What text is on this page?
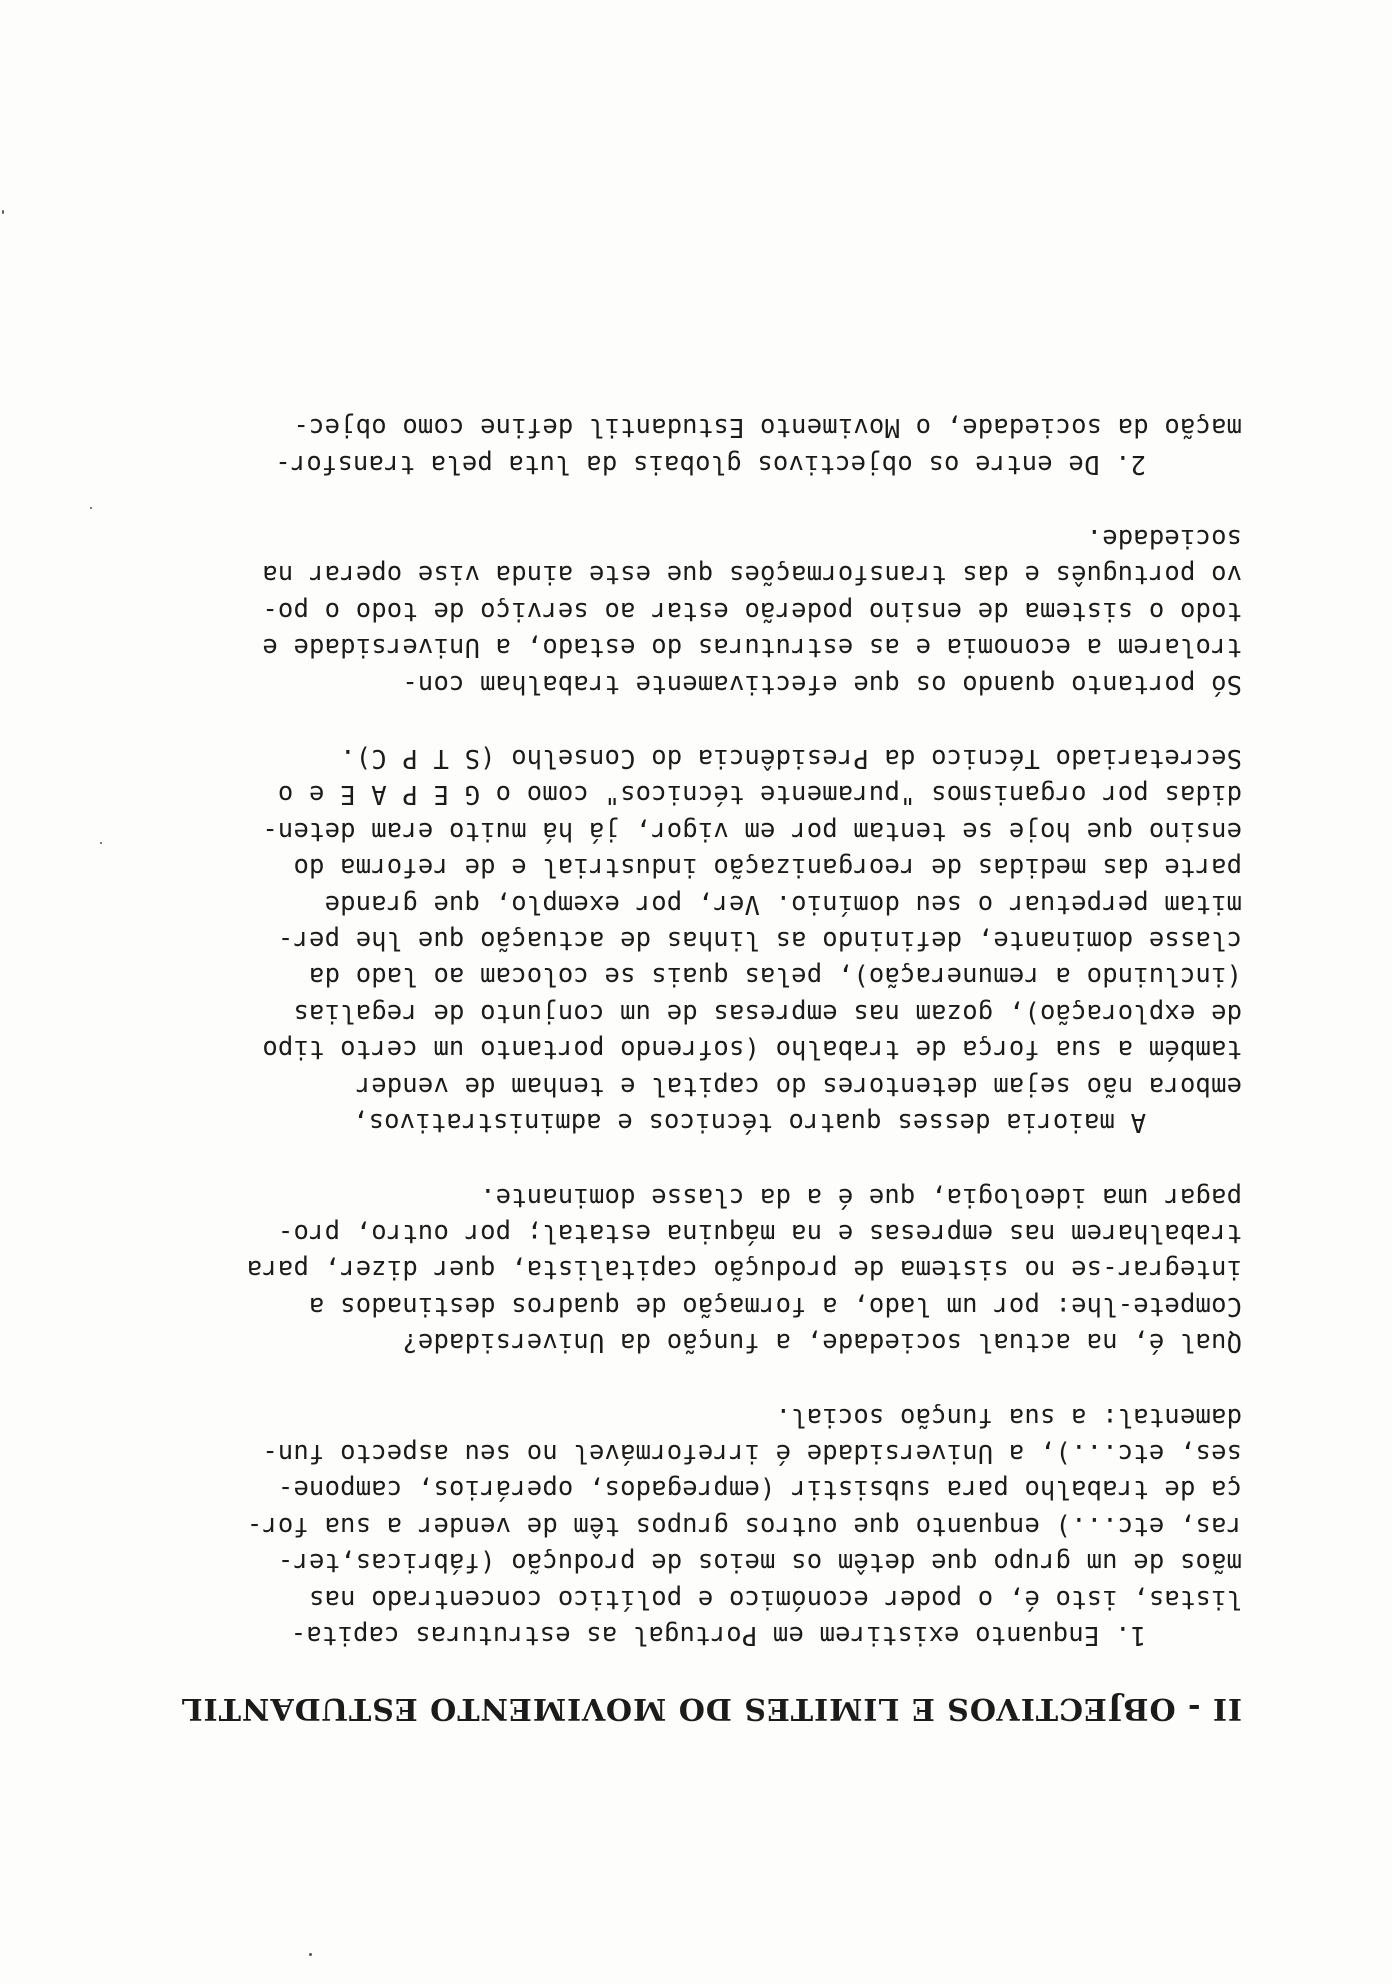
II - OBJECTIVOS E LIMITES DO MOVIMENTO ESTUDANTIL
1. Enquanto existirem em Portugal as estruturas capita-
listas, isto é, o poder económico e político concentrado nas
mãos de um grupo que detêm os meios de produção (fábricas,ter-
ras, etc...) enquanto que outros grupos têm de vender a sua for-
ça de trabalho para subsistir (empregados, operários, campone-
ses, etc...), a Universidade é irreformável no seu aspecto fun-
damental: a sua função social.
Qual é, na actual sociedade, a função da Universidade?
Compete-lhe: por um lado, a formação de quadros destinados a
integrar-se no sistema de produção capitalista, quer dizer, para
trabalharem nas empresas e na máquina estatal; por outro, pro-
pagar uma ideologia, que é a da classe dominante.
A maioria desses quatro técnicos e administrativos,
embora não sejam detentores do capital e tenham de vender
também a sua força de trabalho (sofrendo portanto um certo tipo
de exploração), gozam nas empresas de um conjunto de regalias
(incluindo a remuneração), pelas quais se colocam ao lado da
classe dominante, definindo as linhas de actuação que lhe per-
mitam perpetuar o seu domínio. Ver, por exemplo, que grande
parte das medidas de reorganização industrial e de reforma do
ensino que hoje se tentam por em vigor, já há muito eram deten-
didas por organismos "puramente técnicos" como o G E P A E e o
Secretariado Técnico da Presidência do Conselho (S T P C).
Só portanto quando os que efectivamente trabalham con-
trolarem a economia e as estruturas do estado, a Universidade e
todo o sistema de ensino poderão estar ao serviço de todo o po-
vo português e das transformações que este ainda vise operar na
sociedade.
2. De entre os objectivos globais da luta pela transfor-
mação da sociedade, o Movimento Estudantil define como objec-
